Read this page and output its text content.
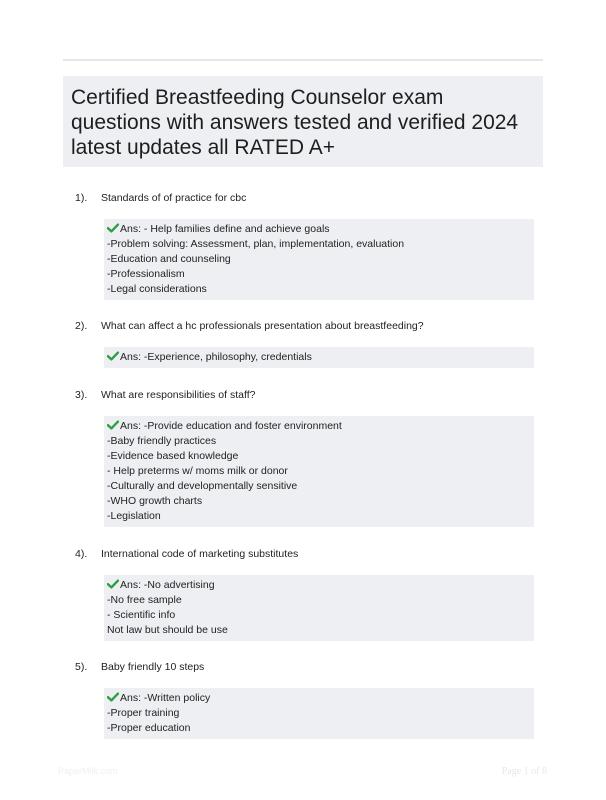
Certified Breastfeeding Counselor exam questions with answers tested and verified 2024 latest updates all RATED A+
1).	Standards of of practice for cbc
Ans: - Help families define and achieve goals
-Problem solving: Assessment, plan, implementation, evaluation
-Education and counseling
-Professionalism
-Legal considerations
2).	What can affect a hc professionals presentation about breastfeeding?
Ans: -Experience, philosophy, credentials
3).	What are responsibilities of staff?
Ans: -Provide education and foster environment
-Baby friendly practices
-Evidence based knowledge
- Help preterms w/ moms milk or donor
-Culturally and developmentally sensitive
-WHO growth charts
-Legislation
4).	International code of marketing substitutes
Ans: -No advertising
-No free sample
- Scientific info
Not law but should be use
5).	Baby friendly 10 steps
Ans: -Written policy
-Proper training
-Proper education
PaperMilk.com	Page 1 of 8
